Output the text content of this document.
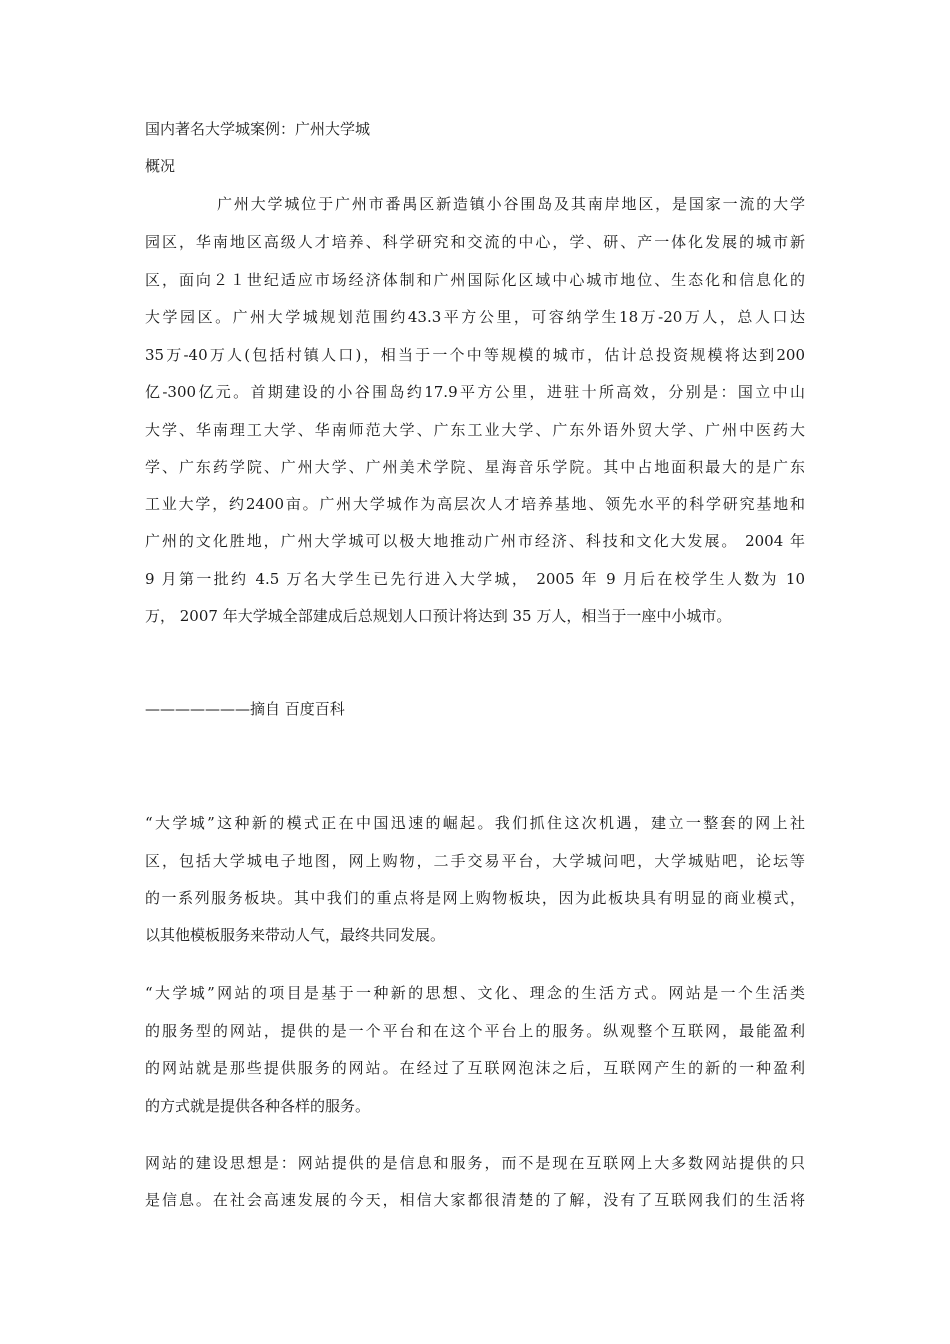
国内著名大学城案例：广州大学城
概况
广州大学城位于广州市番禺区新造镇小谷围岛及其南岸地区，是国家一流的大学
园区，华南地区高级人才培养、科学研究和交流的中心，学、研、产一体化发展的城市新
区，面向２１世纪适应市场经济体制和广州国际化区域中心城市地位、生态化和信息化的
大学园区。广州大学城规划范围约43.3平方公里，可容纳学生18万-20万人，总人口达
35万-40万人(包括村镇人口)，相当于一个中等规模的城市，估计总投资规模将达到200
亿-300亿元。首期建设的小谷围岛约17.9平方公里，进驻十所高效，分别是：国立中山
大学、华南理工大学、华南师范大学、广东工业大学、广东外语外贸大学、广州中医药大
学、广东药学院、广州大学、广州美术学院、星海音乐学院。其中占地面积最大的是广东
工业大学，约2400亩。广州大学城作为高层次人才培养基地、领先水平的科学研究基地和
广州的文化胜地，广州大学城可以极大地推动广州市经济、科技和文化大发展。 2004 年
9 月第一批约 4.5 万名大学生已先行进入大学城， 2005 年 9 月后在校学生人数为 10
万， 2007 年大学城全部建成后总规划人口预计将达到 35 万人，相当于一座中小城市。
———————摘自 百度百科
“大学城”这种新的模式正在中国迅速的崛起。我们抓住这次机遇，建立一整套的网上社
区，包括大学城电子地图，网上购物，二手交易平台，大学城问吧，大学城贴吧，论坛等
的一系列服务板块。其中我们的重点将是网上购物板块，因为此板块具有明显的商业模式，
以其他模板服务来带动人气，最终共同发展。
“大学城”网站的项目是基于一种新的思想、文化、理念的生活方式。网站是一个生活类
的服务型的网站，提供的是一个平台和在这个平台上的服务。纵观整个互联网，最能盈利
的网站就是那些提供服务的网站。在经过了互联网泡沫之后，互联网产生的新的一种盈利
的方式就是提供各种各样的服务。
网站的建设思想是：网站提供的是信息和服务，而不是现在互联网上大多数网站提供的只
是信息。在社会高速发展的今天，相信大家都很清楚的了解，没有了互联网我们的生活将
